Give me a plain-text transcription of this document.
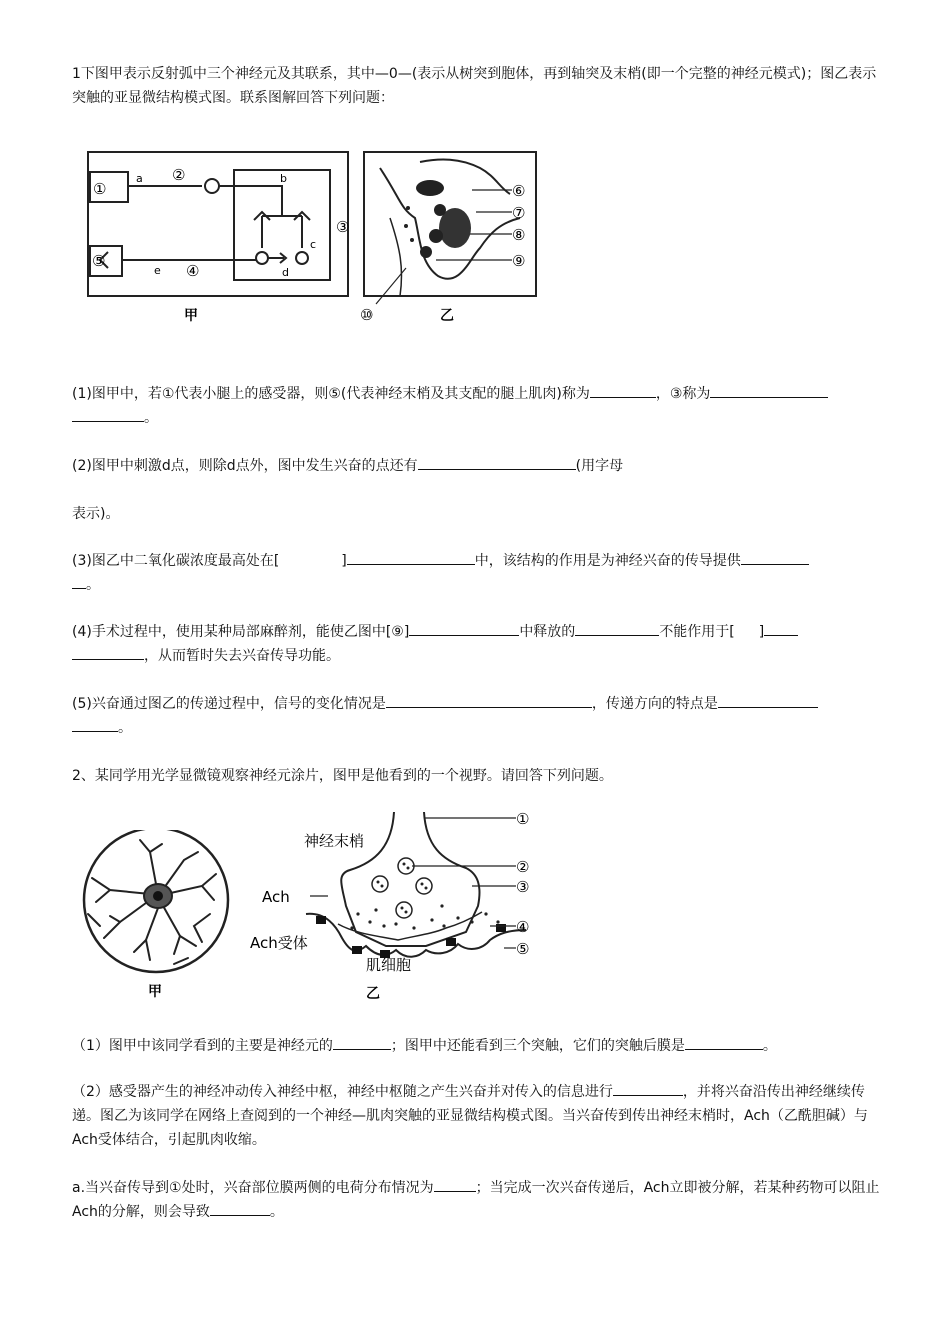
1下图甲表示反射弧中三个神经元及其联系，其中—0—(表示从树突到胞体，再到轴突及末梢(即一个完整的神经元模式)；图乙表示突触的亚显微结构模式图。联系图解回答下列问题：
①
②
③
④
⑤
a	b
c
d
e
甲
⑥
⑦
⑧
⑨
⑩	乙
(1)图甲中，若①代表小腿上的感受器，则⑤(代表神经末梢及其支配的腿上肌肉)称为	，③称为
。
(2)图甲中刺激d点，则除d点外，图中发生兴奋的点还有	(用字母
表示)。
(3)图乙中二氧化碳浓度最高处在[	]	中，该结构的作用是为神经兴奋的传导提供
。
(4)手术过程中，使用某种局部麻醉剂，能使乙图中[⑨]	中释放的	不能作用于[ ]
，从而暂时失去兴奋传导功能。
(5)兴奋通过图乙的传递过程中，信号的变化情况是	，传递方向的特点是
。
2、某同学用光学显微镜观察神经元涂片，图甲是他看到的一个视野。请回答下列问题。
甲
①
②
③
④
⑤
神经末梢
Ach
Ach受体
肌细胞
乙
（1）图甲中该同学看到的主要是神经元的	；图甲中还能看到三个突触，它们的突触后膜是	。
（2）感受器产生的神经冲动传入神经中枢，神经中枢随之产生兴奋并对传入的信息进行	，并将兴奋沿传出神经继续传递。图乙为该同学在网络上查阅到的一个神经—肌肉突触的亚显微结构模式图。当兴奋传到传出神经末梢时，Ach（乙酰胆碱）与Ach受体结合，引起肌肉收缩。
a.当兴奋传导到①处时，兴奋部位膜两侧的电荷分布情况为	；当完成一次兴奋传递后，Ach立即被分解，若某种药物可以阻止Ach的分解，则会导致	。
